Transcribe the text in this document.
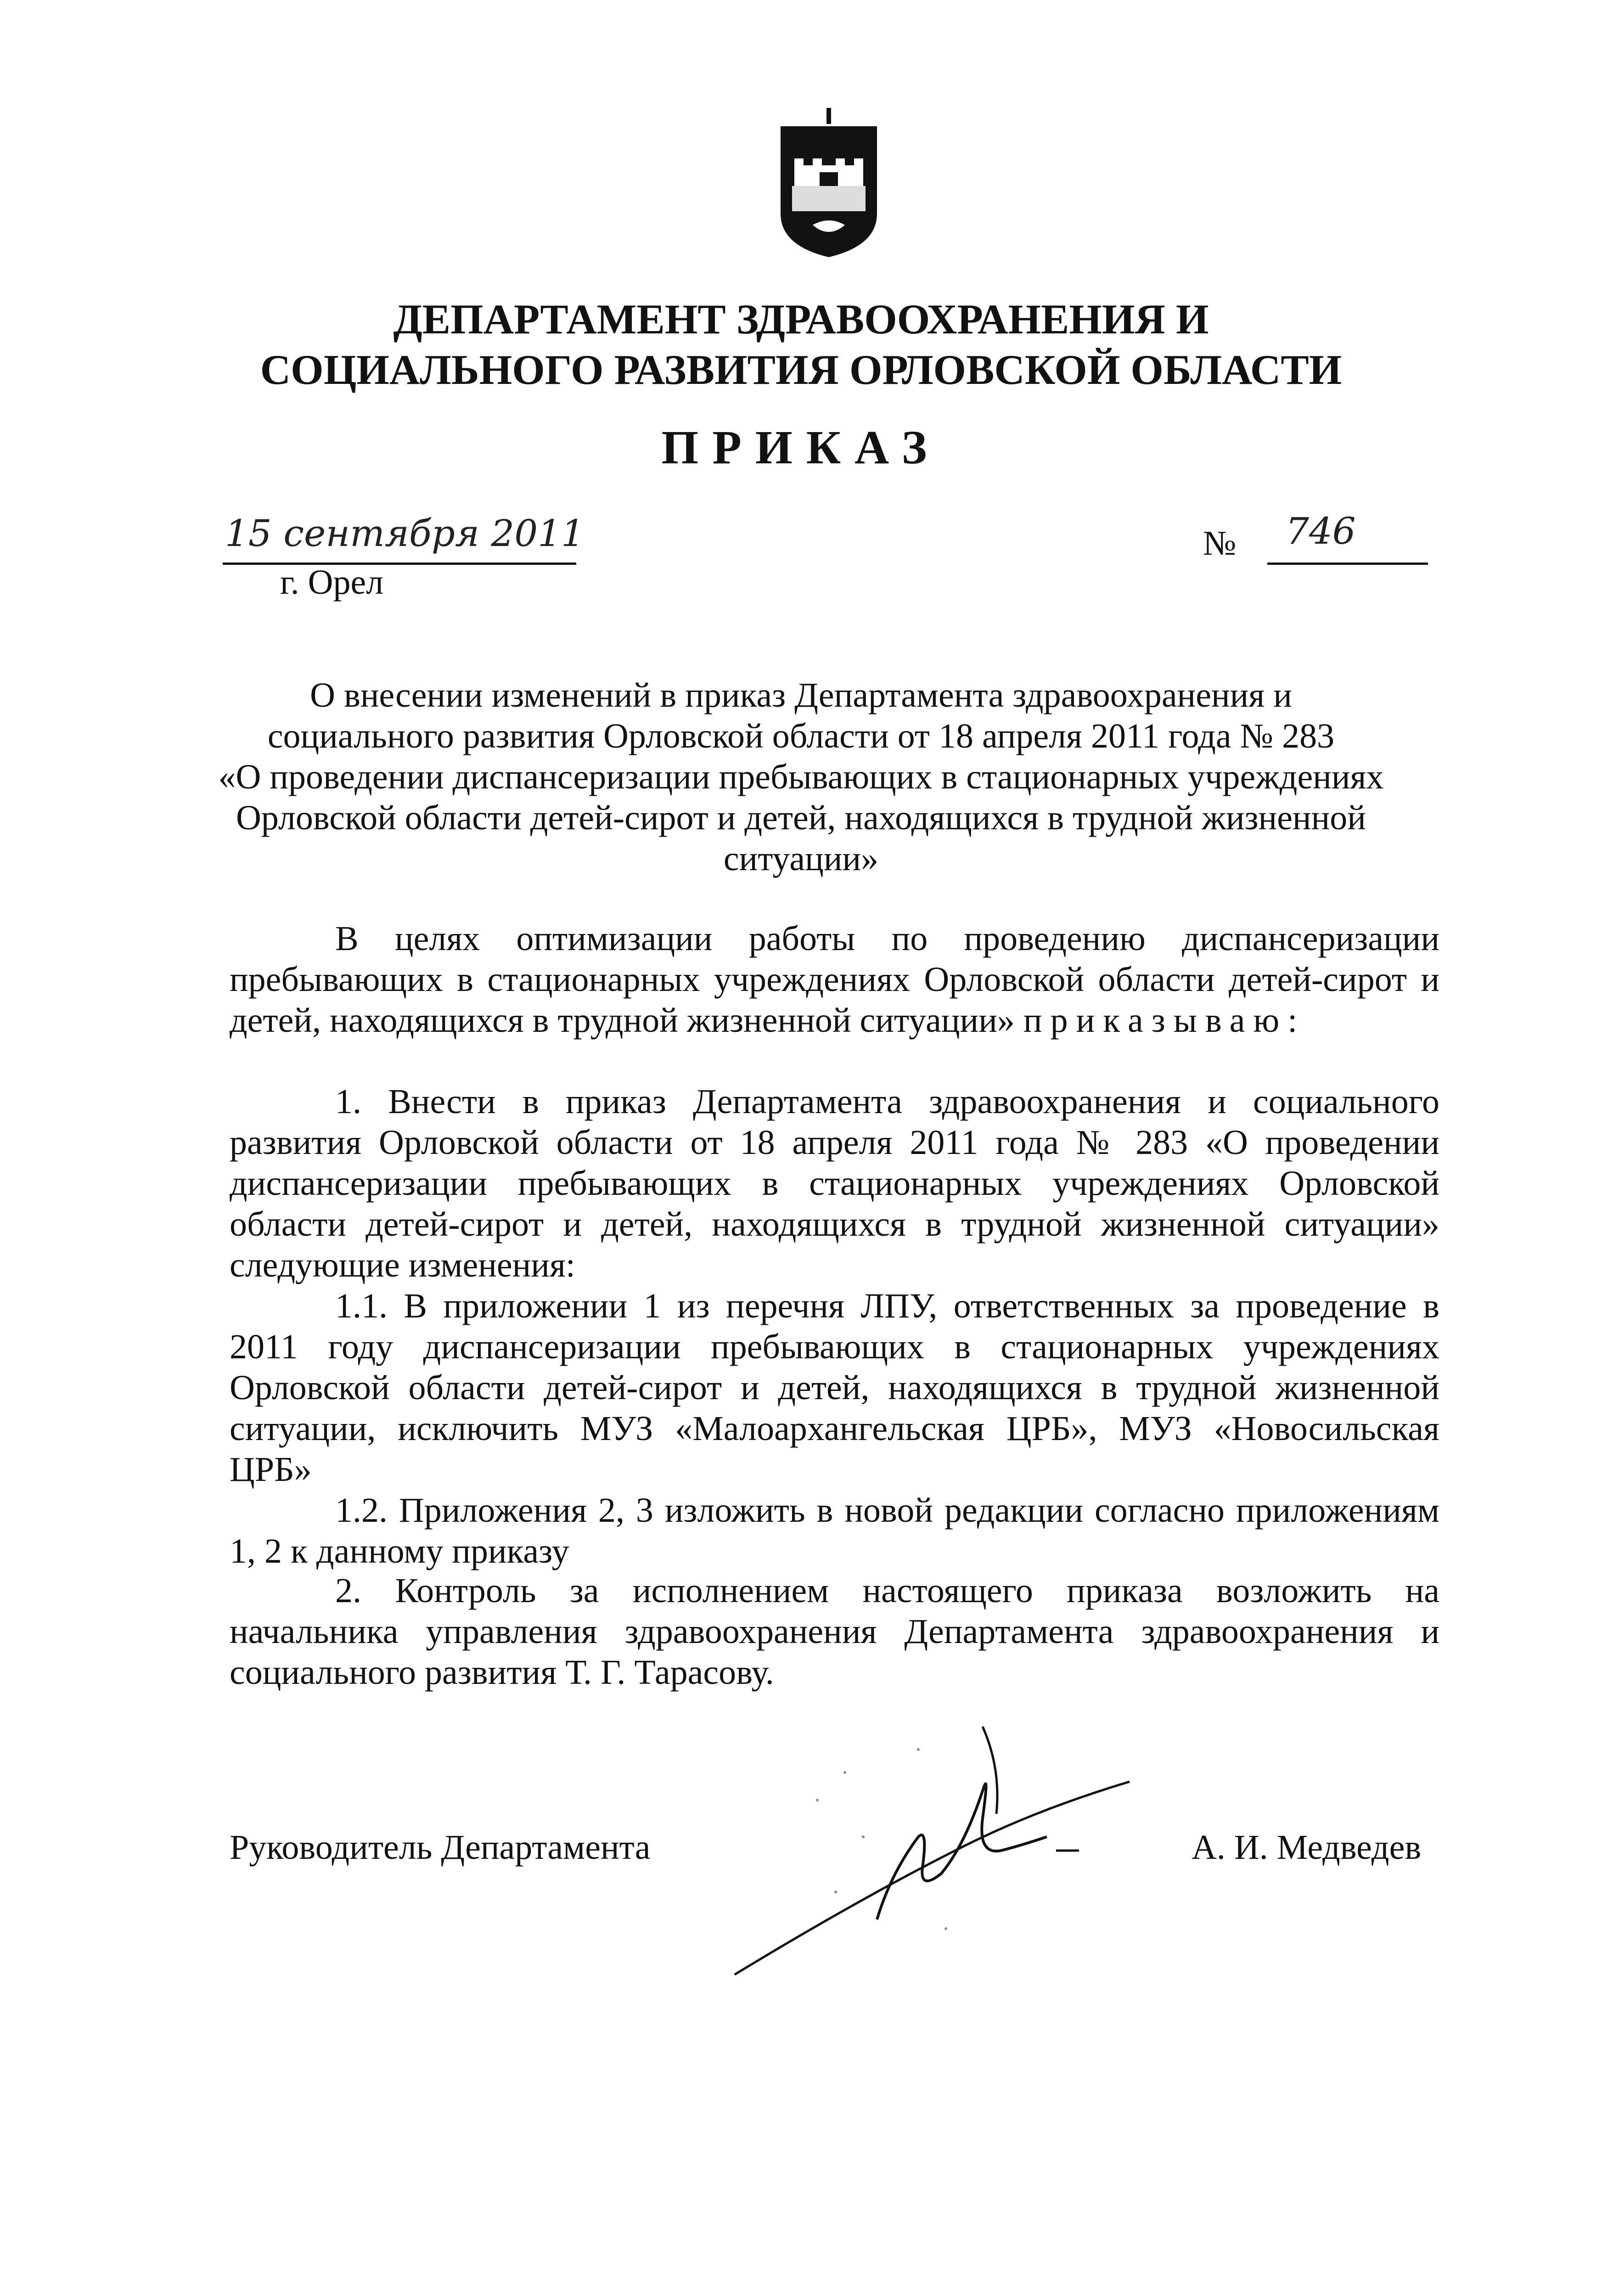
ДЕПАРТАМЕНТ ЗДРАВООХРАНЕНИЯ И
СОЦИАЛЬНОГО РАЗВИТИЯ ОРЛОВСКОЙ ОБЛАСТИ
ПРИКАЗ
15 сентября 2011
г. Орел
№ 746
О внесении изменений в приказ Департамента здравоохранения и
социального развития Орловской области от 18 апреля 2011 года № 283
«О проведении диспансеризации пребывающих в стационарных учреждениях
Орловской области детей-сирот и детей, находящихся в трудной жизненной
ситуации»
В целях оптимизации работы по проведению диспансеризации пребывающих в стационарных учреждениях Орловской области детей-сирот и детей, находящихся в трудной жизненной ситуации» приказываю:
1. Внести в приказ Департамента здравоохранения и социального развития Орловской области от 18 апреля 2011 года № 283 «О проведении диспансеризации пребывающих в стационарных учреждениях Орловской области детей-сирот и детей, находящихся в трудной жизненной ситуации» следующие изменения:
1.1. В приложении 1 из перечня ЛПУ, ответственных за проведение в 2011 году диспансеризации пребывающих в стационарных учреждениях Орловской области детей-сирот и детей, находящихся в трудной жизненной ситуации, исключить МУЗ «Малоархангельская ЦРБ», МУЗ «Новосильская ЦРБ»
1.2. Приложения 2, 3 изложить в новой редакции согласно приложениям 1, 2 к данному приказу
2. Контроль за исполнением настоящего приказа возложить на начальника управления здравоохранения Департамента здравоохранения и социального развития Т. Г. Тарасову.
Руководитель Департамента	А. И. Медведев
